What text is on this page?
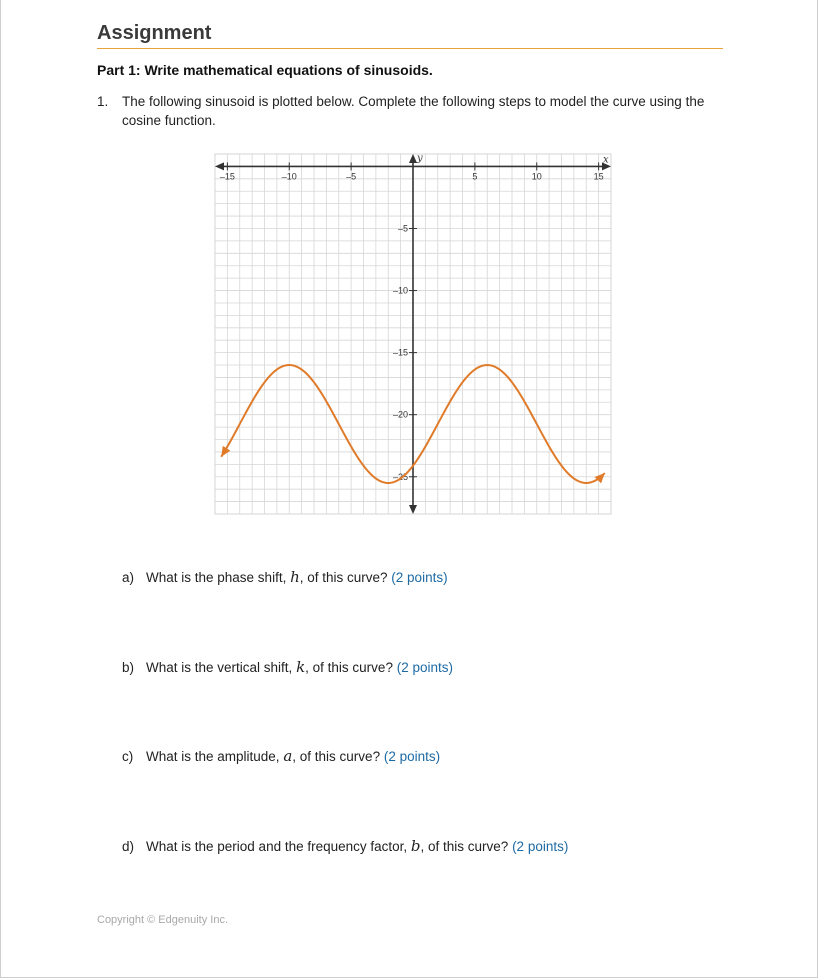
Assignment
Part 1: Write mathematical equations of sinusoids.
1. The following sinusoid is plotted below. Complete the following steps to model the curve using the cosine function.
x
y
–15	–10	–5	5	10	15
–5
–10
–15
–20
–25
a) What is the phase shift, h, of this curve? (2 points)
b) What is the vertical shift, k, of this curve? (2 points)
c) What is the amplitude, a, of this curve? (2 points)
d) What is the period and the frequency factor, b, of this curve? (2 points)
Copyright © Edgenuity Inc.
